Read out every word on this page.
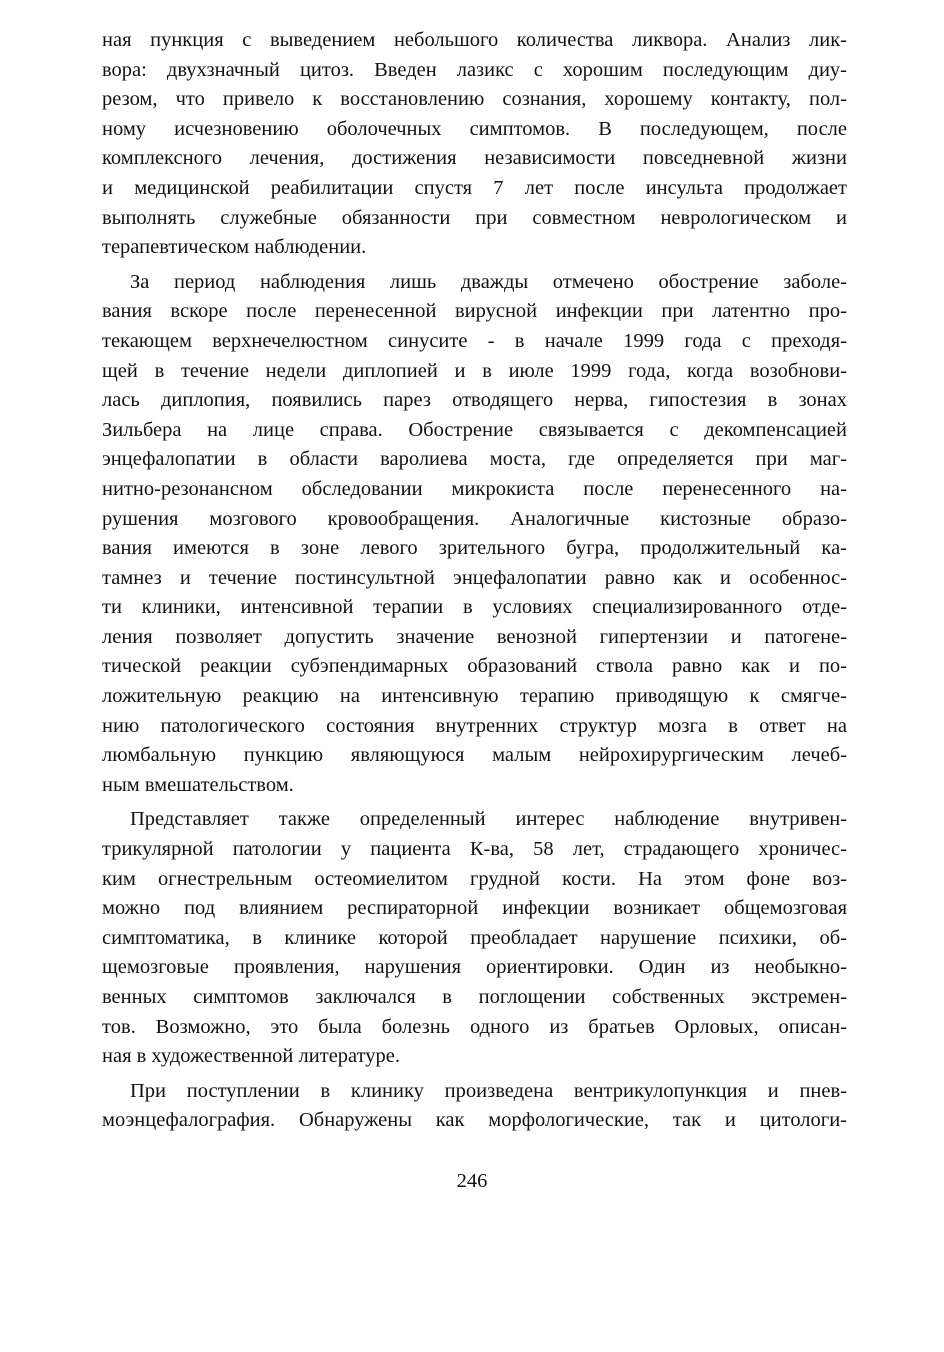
ная пункция с выведением небольшого количества ликвора. Анализ лик-
вора: двухзначный цитоз. Введен лазикс с хорошим последующим диу-
резом, что привело к восстановлению сознания, хорошему контакту, пол-
ному исчезновению оболочечных симптомов. В последующем, после
комплексного лечения, достижения независимости повседневной жизни
и медицинской реабилитации спустя 7 лет после инсульта продолжает
выполнять служебные обязанности при совместном неврологическом и
терапевтическом наблюдении.
За период наблюдения лишь дважды отмечено обострение заболе-
вания вскоре после перенесенной вирусной инфекции при латентно про-
текающем верхнечелюстном синусите - в начале 1999 года с преходя-
щей в течение недели диплопией и в июле 1999 года, когда возобнови-
лась диплопия, появились парез отводящего нерва, гипостезия в зонах
Зильбера на лице справа. Обострение связывается с декомпенсацией
энцефалопатии в области варолиева моста, где определяется при маг-
нитно-резонансном обследовании микрокиста после перенесенного на-
рушения мозгового кровообращения. Аналогичные кистозные образо-
вания имеются в зоне левого зрительного бугра, продолжительный ка-
тамнез и течение постинсультной энцефалопатии равно как и особеннос-
ти клиники, интенсивной терапии в условиях специализированного отде-
ления позволяет допустить значение венозной гипертензии и патогене-
тической реакции субэпендимарных образований ствола равно как и по-
ложительную реакцию на интенсивную терапию приводящую к смягче-
нию патологического состояния внутренних структур мозга в ответ на
люмбальную пункцию являющуюся малым нейрохирургическим лечеб-
ным вмешательством.
Представляет также определенный интерес наблюдение внутривен-
трикулярной патологии у пациента К-ва, 58 лет, страдающего хроничес-
ким огнестрельным остеомиелитом грудной кости. На этом фоне воз-
можно под влиянием респираторной инфекции возникает общемозговая
симптоматика, в клинике которой преобладает нарушение психики, об-
щемозговые проявления, нарушения ориентировки. Один из необыкно-
венных симптомов заключался в поглощении собственных экстремен-
тов. Возможно, это была болезнь одного из братьев Орловых, описан-
ная в художественной литературе.
При поступлении в клинику произведена вентрикулопункция и пнев-
моэнцефалография. Обнаружены как морфологические, так и цитологи-
246
